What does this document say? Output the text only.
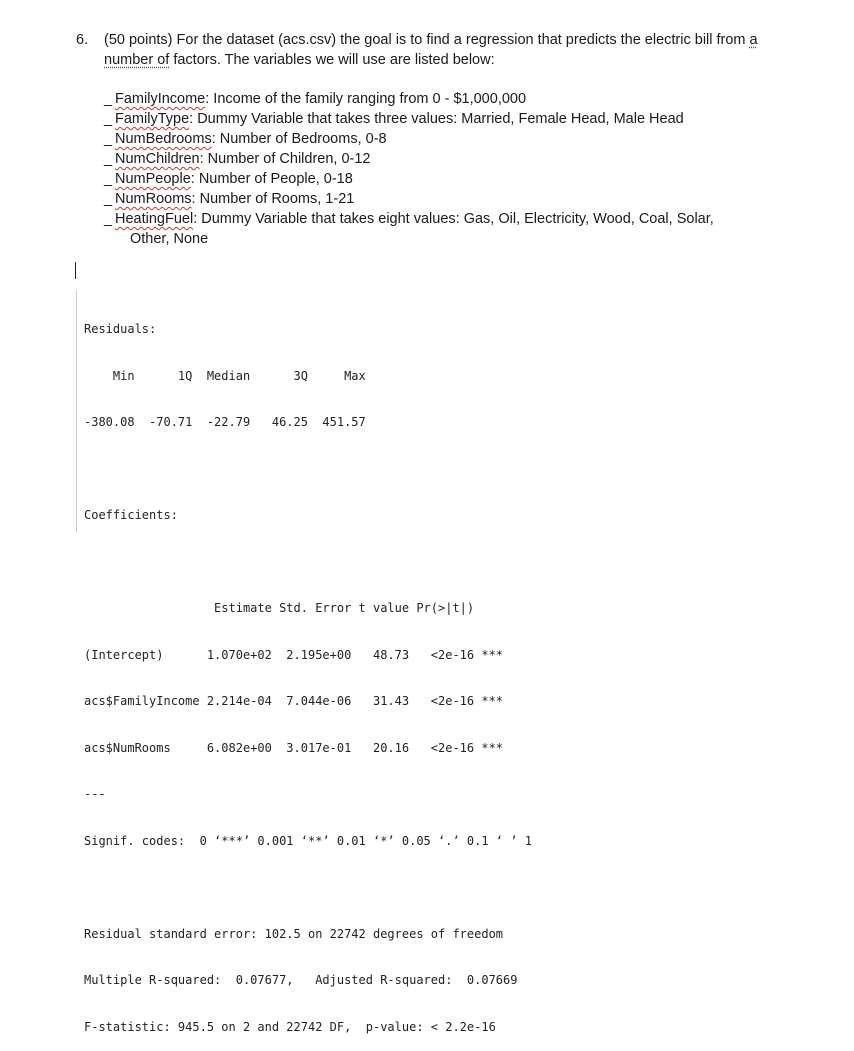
6.	(50 points) For the dataset (acs.csv) the goal is to find a regression that predicts the electric bill from a number of factors. The variables we will use are listed below:
_ FamilyIncome: Income of the family ranging from 0 - $1,000,000
_ FamilyType: Dummy Variable that takes three values: Married, Female Head, Male Head
_ NumBedrooms: Number of Bedrooms, 0-8
_ NumChildren: Number of Children, 0-12
_ NumPeople: Number of People, 0-18
_ NumRooms: Number of Rooms, 1-21
_ HeatingFuel: Dummy Variable that takes eight values: Gas, Oil, Electricity, Wood, Coal, Solar,
Other, None

Residuals:

Min      1Q  Median      3Q     Max

-380.08  -70.71  -22.79   46.25  451.57

Coefficients:

Estimate Std. Error t value Pr(>|t|)

(Intercept)      1.070e+02  2.195e+00   48.73   <2e-16 ***

acs$FamilyIncome 2.214e-04  7.044e-06   31.43   <2e-16 ***

acs$NumRooms     6.082e+00  3.017e-01   20.16   <2e-16 ***

---

Signif. codes:  0 ‘***’ 0.001 ‘**’ 0.01 ‘*’ 0.05 ‘.’ 0.1 ‘ ’ 1

Residual standard error: 102.5 on 22742 degrees of freedom

Multiple R-squared:  0.07677,	Adjusted R-squared:  0.07669

F-statistic: 945.5 on 2 and 22742 DF,  p-value: < 2.2e-16
